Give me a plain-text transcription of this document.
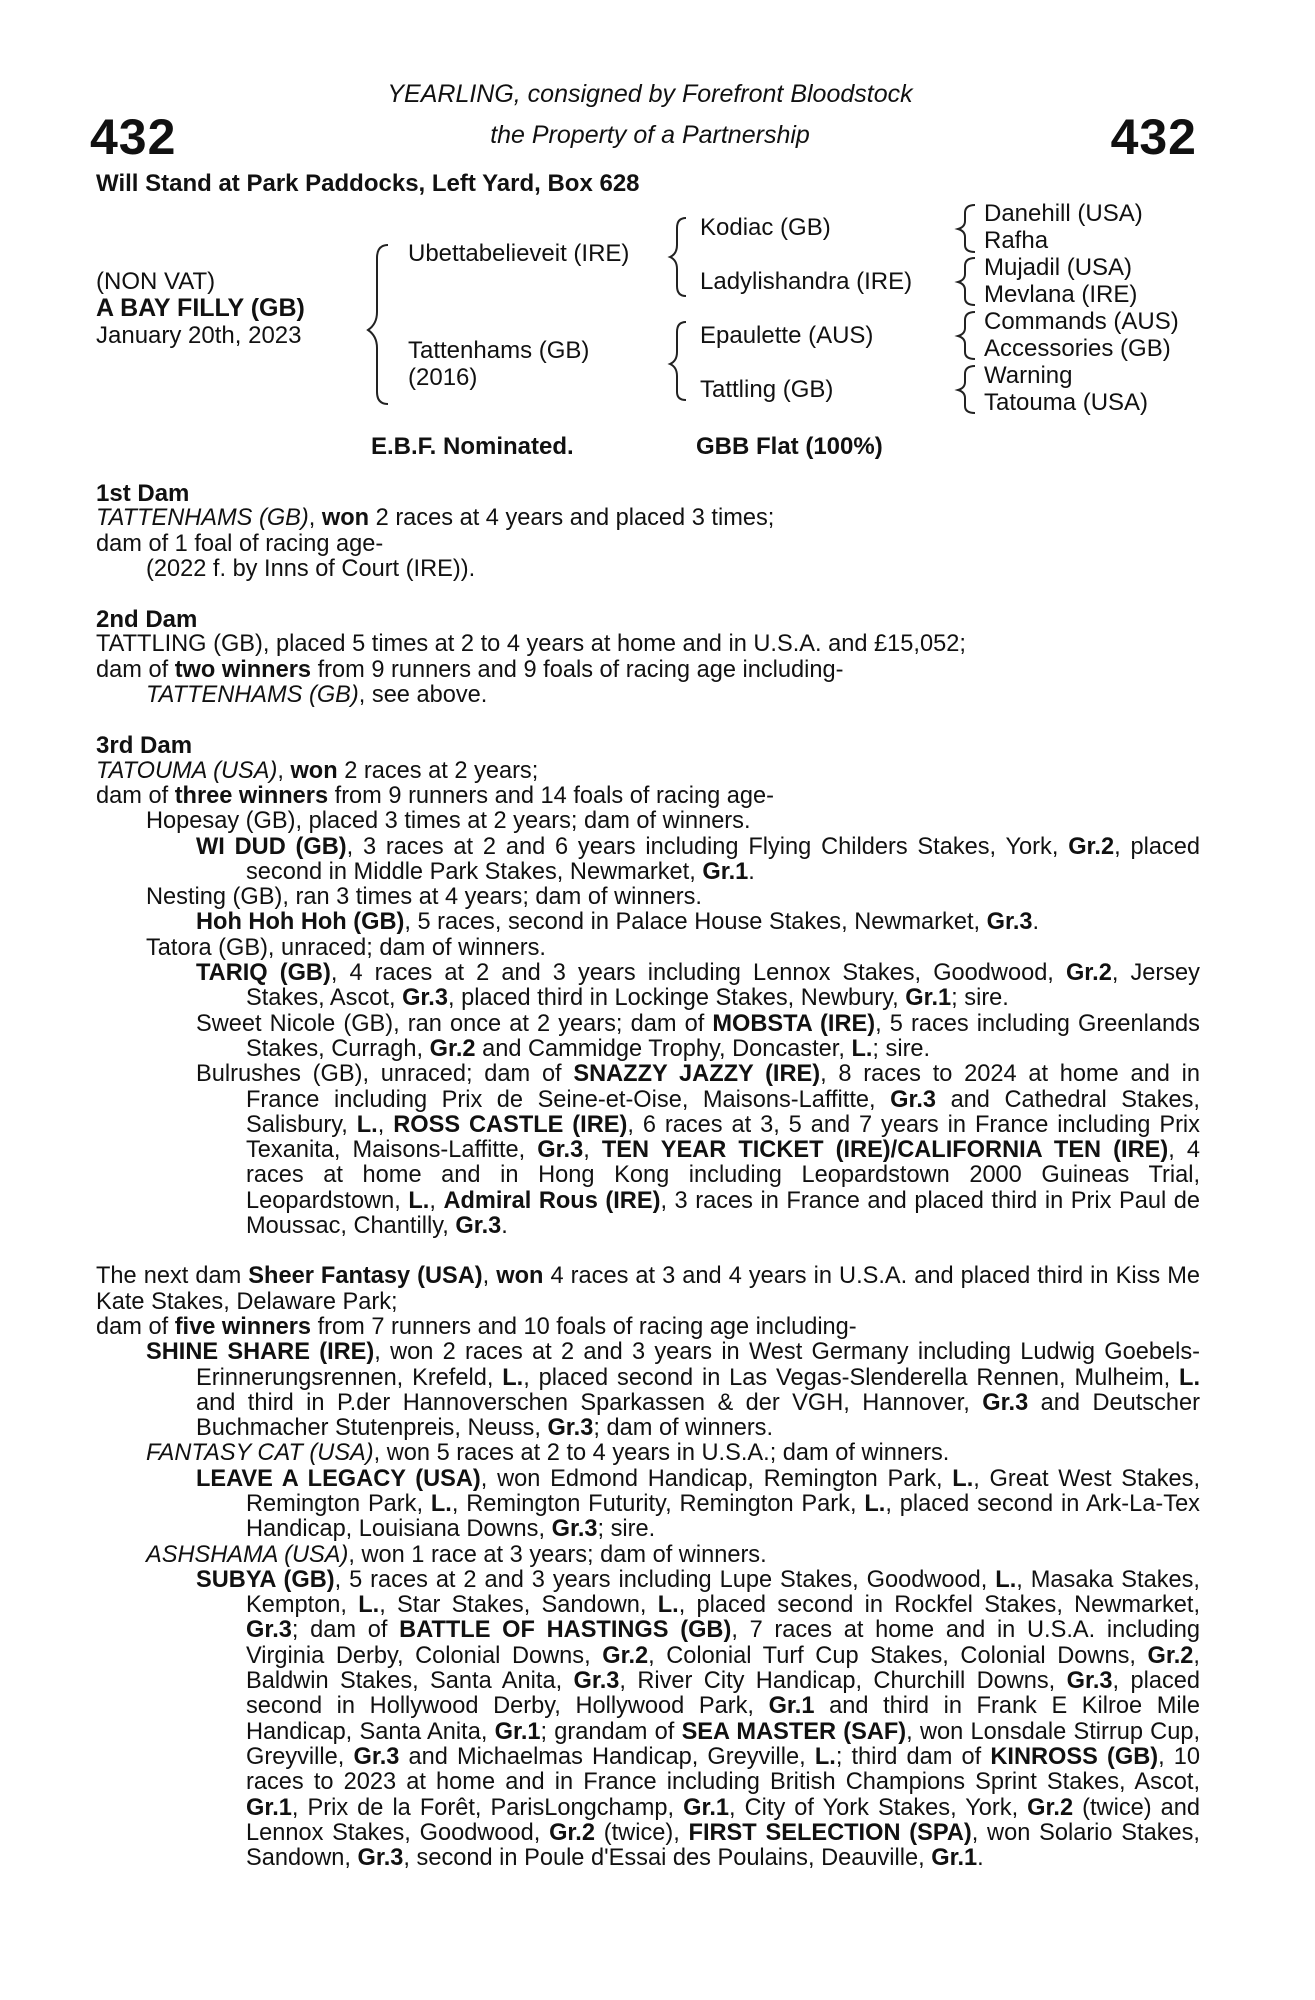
432	432
YEARLING, consigned by Forefront Bloodstock
the Property of a Partnership
Will Stand at Park Paddocks, Left Yard, Box 628
(NON VAT)
A BAY FILLY (GB)
January 20th, 2023
Ubettabelieveit (IRE)
Tattenhams (GB)
(2016)
Kodiac (GB)
Ladylishandra (IRE)
Epaulette (AUS)
Tattling (GB)
Danehill (USA)
Rafha
Mujadil (USA)
Mevlana (IRE)
Commands (AUS)
Accessories (GB)
Warning
Tatouma (USA)
E.B.F. Nominated.	GBB Flat (100%)

1st Dam

TATTENHAMS (GB), won 2 races at 4 years and placed 3 times;
dam of 1 foal of racing age-

(2022 f. by Inns of Court (IRE)).

2nd Dam

TATTLING (GB), placed 5 times at 2 to 4 years at home and in U.S.A. and £15,052;
dam of two winners from 9 runners and 9 foals of racing age including-

TATTENHAMS (GB), see above.

3rd Dam

TATOUMA (USA), won 2 races at 2 years;
dam of three winners from 9 runners and 14 foals of racing age-

Hopesay (GB), placed 3 times at 2 years; dam of winners.

WI DUD (GB), 3 races at 2 and 6 years including Flying Childers Stakes, York, Gr.2, placed second in Middle Park Stakes, Newmarket, Gr.1.

Nesting (GB), ran 3 times at 4 years; dam of winners.

Hoh Hoh Hoh (GB), 5 races, second in Palace House Stakes, Newmarket, Gr.3.

Tatora (GB), unraced; dam of winners.

TARIQ (GB), 4 races at 2 and 3 years including Lennox Stakes, Goodwood, Gr.2, Jersey Stakes, Ascot, Gr.3, placed third in Lockinge Stakes, Newbury, Gr.1; sire.

Sweet Nicole (GB), ran once at 2 years; dam of MOBSTA (IRE), 5 races including Greenlands Stakes, Curragh, Gr.2 and Cammidge Trophy, Doncaster, L.; sire.

Bulrushes (GB), unraced; dam of SNAZZY JAZZY (IRE), 8 races to 2024 at home and in France including Prix de Seine-et-Oise, Maisons-Laffitte, Gr.3 and Cathedral Stakes, Salisbury, L., ROSS CASTLE (IRE), 6 races at 3, 5 and 7 years in France including Prix Texanita, Maisons-Laffitte, Gr.3, TEN YEAR TICKET (IRE)/CALIFORNIA TEN (IRE), 4 races at home and in Hong Kong including Leopardstown 2000 Guineas Trial, Leopardstown, L., Admiral Rous (IRE), 3 races in France and placed third in Prix Paul de Moussac, Chantilly, Gr.3.

The next dam Sheer Fantasy (USA), won 4 races at 3 and 4 years in U.S.A. and placed third in Kiss Me Kate Stakes, Delaware Park;

dam of five winners from 7 runners and 10 foals of racing age including-

SHINE SHARE (IRE), won 2 races at 2 and 3 years in West Germany including Ludwig Goebels-Erinnerungsrennen, Krefeld, L., placed second in Las Vegas-Slenderella Rennen, Mulheim, L. and third in P.der Hannoverschen Sparkassen & der VGH, Hannover, Gr.3 and Deutscher Buchmacher Stutenpreis, Neuss, Gr.3; dam of winners.

FANTASY CAT (USA), won 5 races at 2 to 4 years in U.S.A.; dam of winners.

LEAVE A LEGACY (USA), won Edmond Handicap, Remington Park, L., Great West Stakes, Remington Park, L., Remington Futurity, Remington Park, L., placed second in Ark-La-Tex Handicap, Louisiana Downs, Gr.3; sire.

ASHSHAMA (USA), won 1 race at 3 years; dam of winners.

SUBYA (GB), 5 races at 2 and 3 years including Lupe Stakes, Goodwood, L., Masaka Stakes, Kempton, L., Star Stakes, Sandown, L., placed second in Rockfel Stakes, Newmarket, Gr.3; dam of BATTLE OF HASTINGS (GB), 7 races at home and in U.S.A. including Virginia Derby, Colonial Downs, Gr.2, Colonial Turf Cup Stakes, Colonial Downs, Gr.2, Baldwin Stakes, Santa Anita, Gr.3, River City Handicap, Churchill Downs, Gr.3, placed second in Hollywood Derby, Hollywood Park, Gr.1 and third in Frank E Kilroe Mile Handicap, Santa Anita, Gr.1; grandam of SEA MASTER (SAF), won Lonsdale Stirrup Cup, Greyville, Gr.3 and Michaelmas Handicap, Greyville, L.; third dam of KINROSS (GB), 10 races to 2023 at home and in France including British Champions Sprint Stakes, Ascot, Gr.1, Prix de la Forêt, ParisLongchamp, Gr.1, City of York Stakes, York, Gr.2 (twice) and Lennox Stakes, Goodwood, Gr.2 (twice), FIRST SELECTION (SPA), won Solario Stakes, Sandown, Gr.3, second in Poule d'Essai des Poulains, Deauville, Gr.1.
